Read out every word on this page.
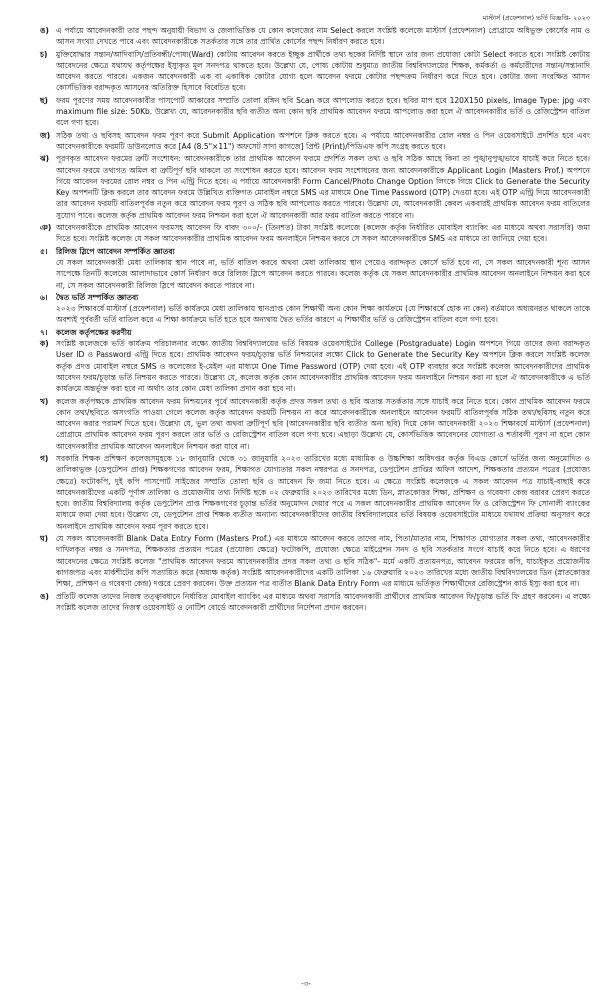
মাস্টার্স (প্রফেশনাল) ভর্তি বিজ্ঞপ্তি- ২০২৩
ঙ) এ পর্যায়ে আবেদনকারী তার পছন্দ অনুযায়ী বিভাগ ও জেলাভিত্তিক যে কোন কলেজের নাম Select করলে সংশ্লিষ্ট কলেজে মাস্টার্স (প্রফেশনাল) প্রোগ্রামে অধিভুক্ত কোর্সের নাম ও আসন সংখ্যা দেখতে পাবে এবং আবেদনকারীকে সতর্কতার সঙ্গে তার প্রার্থিত কোর্সের পছন্দ নির্ধারণ করতে হবে।
চ)	মুক্তিযোদ্ধার সন্তান/আদিবাসি/প্রতিবন্ধী/পোষ্য(Ward) কোটায় আবেদন করতে ইচ্ছুক প্রার্থীকে তথ্য ছকের নির্দিষ্ট স্থানে তার জন্য প্রযোজ্য কোটা Select করতে হবে। সংশ্লিষ্ট কোটায় আবেদনের ক্ষেত্রে যথাযথ কর্তৃপক্ষের ইস্যুকৃত মূল সনদপত্র থাকতে হবে। উল্লেখ্য যে, পোষ্য কোটায় শুধুমাত্র জাতীয় বিশ্ববিদ্যালয়ের শিক্ষক, কর্মকর্তা ও কর্মচারীদের সন্তান/সন্তানাদি আবেদন করতে পারবে। একজন আবেদনকারী এক বা একাধিক কোটার যোগ্য হলে আবেদন ফরমে কোটার পছন্দক্রম নির্ধারণ করে দিতে হবে। কোটার জন্য সংরক্ষিত আসন কোর্সভিত্তিক বরাদ্দকৃত আসনের অতিরিক্ত হিসাবে বিবেচিত হবে।
ছ)	ফরম পূরণের সময় আবেদনকারীর পাসপোর্ট আকারের সম্প্রতি তোলা রঙ্গিন ছবি Scan করে আপলোড করতে হবে। ছবির মাপ হবে 120X150 pixels, Image Type: jpg এবং maximum file size: 50Kb. উল্লেখ্য যে, আবেদনকারীর ছবি ব্যতীত অন্য কোন ছবি প্রাথমিক আবেদন ফরমে আপলোড করা হলে ঐ আবেদনকারীর ভর্তি ও রেজিস্ট্রেশন বাতিল বলে গণ্য হবে।
জ) সঠিক তথ্য ও ছবিসহ আবেদন ফরম পূরণ করে Submit Application অপশনে ক্লিক করতে হবে। এ পর্যায়ে আবেদনকারীর রোল নম্বর ও পিন ওয়েবসাইটে প্রদর্শিত হবে এবং আবেদনকারীকে ফরমটি ডাউনলোড করে [A4 (8.5"×11") অফসেট সাদা কাগজে] প্রিন্ট (Print)/পিডিএফ কপি সংগ্রহ করতে হবে।
ঝ) পূরণকৃত আবেদন ফরমের ত্রুটি সংশোধন: আবেদনকারীকে তার প্রাথমিক আবেদন ফরমে প্রদর্শিত সকল তথ্য ও ছবি সঠিক আছে কিনা তা পুঙ্খানুপুঙ্খভাবে যাচাই করে নিতে হবে। আবেদন ফরমে তথ্যগত অমিল বা ত্রুটিপূর্ণ ছবি থাকলে তা সংশোধন করতে হবে। আবেদন ফরম সংশোধনের জন্য আবেদনকারীকে Applicant Login (Masters Prof.) অপশনে গিয়ে আবেদন ফরমের রোল নম্বর ও পিন এন্ট্রি দিতে হবে। এ পর্যায়ে আবেদনকারী Form Cancel/Photo Change Option লিংকে গিয়ে Click to Generate the Security Key অপশনটি ক্লিক করলে তার আবেদন ফরমে উল্লিখিত ব্যক্তিগত মোবাইল নম্বরে SMS এর মাধ্যমে One Time Password (OTP) দেওয়া হবে। এই OTP এন্ট্রি দিয়ে আবেদনকারী তার আবেদন ফরমটি বাতিলপূর্বক নতুন করে আবেদন ফরম পূরণ ও সঠিক ছবি আপলোড করতে পারবে। উল্লেখ্য যে, আবেদনকারী কেবল একবারই প্রাথমিক আবেদন ফরম বাতিলের সুযোগ পাবে। কলেজ কর্তৃক প্রাথমিক আবেদন ফরম নিশ্চয়ন করা হলে ঐ আবেদনকারী আর ফরম বাতিল করতে পারবে না।
ঞ) আবেদনকারীকে প্রাথমিক আবেদন ফরমসহ আবেদন ফি বাবদ ৩০০/- (তিনশত) টাকা সংশ্লিষ্ট কলেজে (কলেজ কর্তৃক নির্ধারিত মোবাইল ব্যাংকিং এর মাধ্যমে অথবা সরাসরি) জমা দিতে হবে। সংশ্লিষ্ট কলেজ যে সকল আবেদনকারীর প্রাথমিক আবেদন ফরম অনলাইনে নিশ্চয়ন করবে সে সকল আবেদনকারীকে SMS এর মাধ্যমে তা জানিয়ে দেয়া হবে।
৫। রিলিজ স্লিপে আবেদন সম্পর্কিত জ্ঞাতব্য
যে সকল আবেদনকারী মেধা তালিকায় স্থান পাবে না, ভর্তি বাতিল করবে অথবা মেধা তালিকায় স্থান পেয়েও বরাদ্দকৃত কোর্সে ভর্তি হবে না, সে সকল আবেদনকারী শূন্য আসন সাপেক্ষে তিনটি কলেজে আলাদাভাবে কোর্স নির্ধারণ করে রিলিজ স্লিপে আবেদন করতে পারবে। কলেজ কর্তৃক যে সকল আবেদনকারীর প্রাথমিক আবেদন অনলাইনে নিশ্চয়ন করা হবে না, সে সকল আবেদনকারী রিলিজ স্লিপে আবেদন করতে পারবে না।
৬। দ্বৈত ভর্তি সম্পর্কিত জ্ঞাতব্য
২০২৩ শিক্ষাবর্ষে মাস্টার্স (প্রফেশনাল) ভর্তি কার্যক্রমে মেধা তালিকায় স্থানপ্রাপ্ত কোন শিক্ষার্থী অন্য কোন শিক্ষা কার্যক্রমে (যে শিক্ষাবর্ষে হোক না কেন) বর্তমানে অধ্যয়নরত থাকলে তাকে অবশ্যই পূর্ববর্তী ভর্তি বাতিল করে এ শিক্ষা কার্যক্রমে ভর্তি হতে হবে অন্যথায় দ্বৈত ভর্তির কারণে এ শিক্ষার্থীর ভর্তি ও রেজিস্ট্রেশন বাতিল বলে গণ্য হবে।
৭। কলেজ কর্তৃপক্ষের করণীয়
ক) সংশ্লিষ্ট কলেজকে ভর্তি কার্যক্রম পরিচালনার লক্ষ্যে জাতীয় বিশ্ববিদ্যালয়ের ভর্তি বিষয়ক ওয়েবসাইটের College (Postgraduate) Login অপশনে গিয়ে তাদের জন্য বরাদ্দকৃত User ID ও Password এন্ট্রি দিতে হবে। প্রাথমিক আবেদন ফরম/চূড়ান্ত ভর্তি নিশ্চয়নের লক্ষ্যে Click to Generate the Security Key অপশনে ক্লিক করলে সংশ্লিষ্ট কলেজ কর্তৃক প্রদত্ত মোবাইল নম্বরে SMS ও কলেজের ই-মেইল এর মাধ্যমে One Time Password (OTP) দেয়া হবে। এই OTP ব্যবহার করে সংশ্লিষ্ট কলেজ আবেদনকারীদের প্রাথমিক আবেদন ফরম/চূড়ান্ত ভর্তি নিশ্চয়ন করতে পারবে। উল্লেখ্য যে, কলেজ কর্তৃক কোন আবেদনকারীর প্রাথমিক আবেদন ফরম অনলাইনে নিশ্চয়ন করা না হলে ঐ আবেদনকারীকে এ ভর্তি কার্যক্রমে অন্তর্ভুক্ত করা হবে না অর্থাৎ তার কোন মেধা তালিকা প্রদান করা হবে না।
খ)	কলেজ কর্তৃপক্ষকে প্রাথমিক আবেদন ফরম নিশ্চয়নের পূর্বে আবেদনকারী কর্তৃক প্রদত্ত সকল তথ্য ও ছবি অত্যন্ত সতর্কতার সঙ্গে যাচাই করে নিতে হবে। কোন প্রাথমিক আবেদন ফরমে কোন তথ্য/ছবিতে অসংগতি পাওয়া গেলে কলেজ কর্তৃক আবেদন ফরমটি নিশ্চয়ন না করে আবেদনকারীকে অনলাইনে আবেদন ফরমটি বাতিলপূর্বক সঠিক তথ্য/ছবিসহ নতুন করে আবেদন করার পরামর্শ দিতে হবে। উল্লেখ্য যে, ভুল তথ্য অথবা ত্রুটিপূর্ণ ছবি (আবেদনকারীর ছবি ব্যতীত অন্য ছবি) দিয়ে কোন আবেদনকারী ২০২৩ শিক্ষাবর্ষে মাস্টার্স (প্রফেশনাল) প্রোগ্রামে প্রাথমিক আবেদন ফরম পূরণ করলে তার ভর্তি ও রেজিস্ট্রেশন বাতিল বলে গণ্য হবে। এছাড়া উল্লেখ্য যে, কোর্সভিত্তিক আবেদনের যোগ্যতা ও শর্তাবলী পূরণ না হলে কোন আবেদনকারীর প্রাথমিক আবেদন অনলাইনে নিশ্চয়ন করা যাবে না।
গ)	সরকারি শিক্ষক প্রশিক্ষণ কলেজসমূহকে ১৮ জানুয়ারি থেকে ৩১ জানুয়ারি ২০২৩ তারিখের মধ্যে মাধ্যমিক ও উচ্চশিক্ষা অধিদপ্তর কর্তৃক বিএড কোর্সে ভর্তির জন্য অনুমোদিত ও তালিকাভুক্ত (ডেপুটেশন প্রাপ্ত) শিক্ষকগণের আবেদন ফরম, শিক্ষাগত যোগ্যতার সকল নম্বরপত্র ও সনদপত্র, ডেপুটেশন প্রাপ্তির অফিস আদেশ, শিক্ষকতার প্রত্যয়ন পত্রের (প্রযোজ্য ক্ষেত্রে) ফটোকপি, দুই কপি পাসপোর্ট সাইজের সম্প্রতি তোলা ছবি ও আবেদন ফি জমা নিতে হবে। এ ক্ষেত্রে সংশ্লিষ্ট কলেজকে এ সকল আবেদন পত্র যাচাই-বাছাই করে আবেদনকারীদের একটি পূর্ণাঙ্গ তালিকা ও প্রয়োজনীয় তথ্য নির্দিষ্ট ছকে ০২ ফেব্রুয়ারি ২০২৩ তারিখের মধ্যে ডিন, স্নাতকোত্তর শিক্ষা, প্রশিক্ষণ ও গবেষণা কেন্দ্র বরাবর প্রেরণ করতে হবে। জাতীয় বিশ্ববিদ্যালয় কর্তৃক ডেপুটেশন প্রাপ্ত শিক্ষকগণের চূড়ান্ত ভর্তির অনুমোদন দেয়ার পরে এ সকল আবেদনকারীর প্রাথমিক আবেদন ফি ও রেজিস্ট্রেশন ফি সোনালী ব্যাংকের মাধ্যমে জমা দেয়া হবে। উল্লেখ্য যে, ডেপুটেশন প্রাপ্ত শিক্ষক ব্যতীত অন্যান্য আবেদনকারীদের জাতীয় বিশ্ববিদ্যালয়ের ভর্তি বিষয়ক ওয়েবসাইটের মাধ্যমে যথাযথ প্রক্রিয়া অনুসরণ করে অনলাইনে প্রাথমিক আবেদন ফরম পূরণ করতে হবে।
ঘ)	যে সকল আবেদনকারী Blank Data Entry Form (Masters Prof.) এর মাধ্যমে আবেদন করবে তাদের নাম, পিতা/মাতার নাম, শিক্ষাগত যোগ্যতার সকল তথ্য, আবেদনকারীর দাখিলকৃত নম্বর ও সনদপত্র, শিক্ষকতার প্রত্যয়ন পত্রের (প্রযোজ্য ক্ষেত্রে) ফটোকপি, প্রযোজ্য ক্ষেত্রে মাইগ্রেশন সনদ ও ছবি সতর্কতার সংগে যাচাই করে নিতে হবে। এ ধরণের আবেদনের ক্ষেত্রে সংশ্লিষ্ট কলেজ "প্রাথমিক আবেদন ফরমে আবেদনকারীর প্রদত্ত সকল তথ্য ও ছবি সঠিক"- মর্মে একটি প্রত্যয়নপত্র, আবেদন ফরমের কপি, যাচাইকৃত প্রয়োজনীয় কাগজপত্র এবং মার্কশীটের কপি সত্যায়িত করে (অধ্যক্ষ কর্তৃক) সংশ্লিষ্ট আবেদনকারীদের একটি তালিকা ১৬ ফেব্রুয়ারি ২০২৩ তারিখের মধ্যে জাতীয় বিশ্ববিদ্যালয়ের ডিন (স্নাতকোত্তর শিক্ষা, প্রশিক্ষণ ও গবেষণা কেন্দ্র) দপ্তরে প্রেরণ করবেন। উক্ত প্রত্যয়ন পত্র ব্যতীত Blank Data Entry Form এর মাধ্যমে ভর্তিকৃত শিক্ষার্থীদের রেজিস্ট্রেশন কার্ড ইস্যু করা হবে না।
ঙ) প্রতিটি কলেজ তাদের নিজস্ব তত্ত্বাবধানে নির্ধারিত মোবাইল ব্যাংকিং এর মাধ্যমে অথবা সরাসরি আবেদনকারী প্রার্থীদের প্রাথমিক আবেদন ফি/চূড়ান্ত ভর্তি ফি গ্রহণ করবেন। এ লক্ষ্যে সংশ্লিষ্ট কলেজ তাদের নিজস্ব ওয়েবসাইট ও নোটিশ বোর্ডে আবেদনকারী প্রার্থীদের নির্দেশনা প্রদান করবেন।
-৩-
